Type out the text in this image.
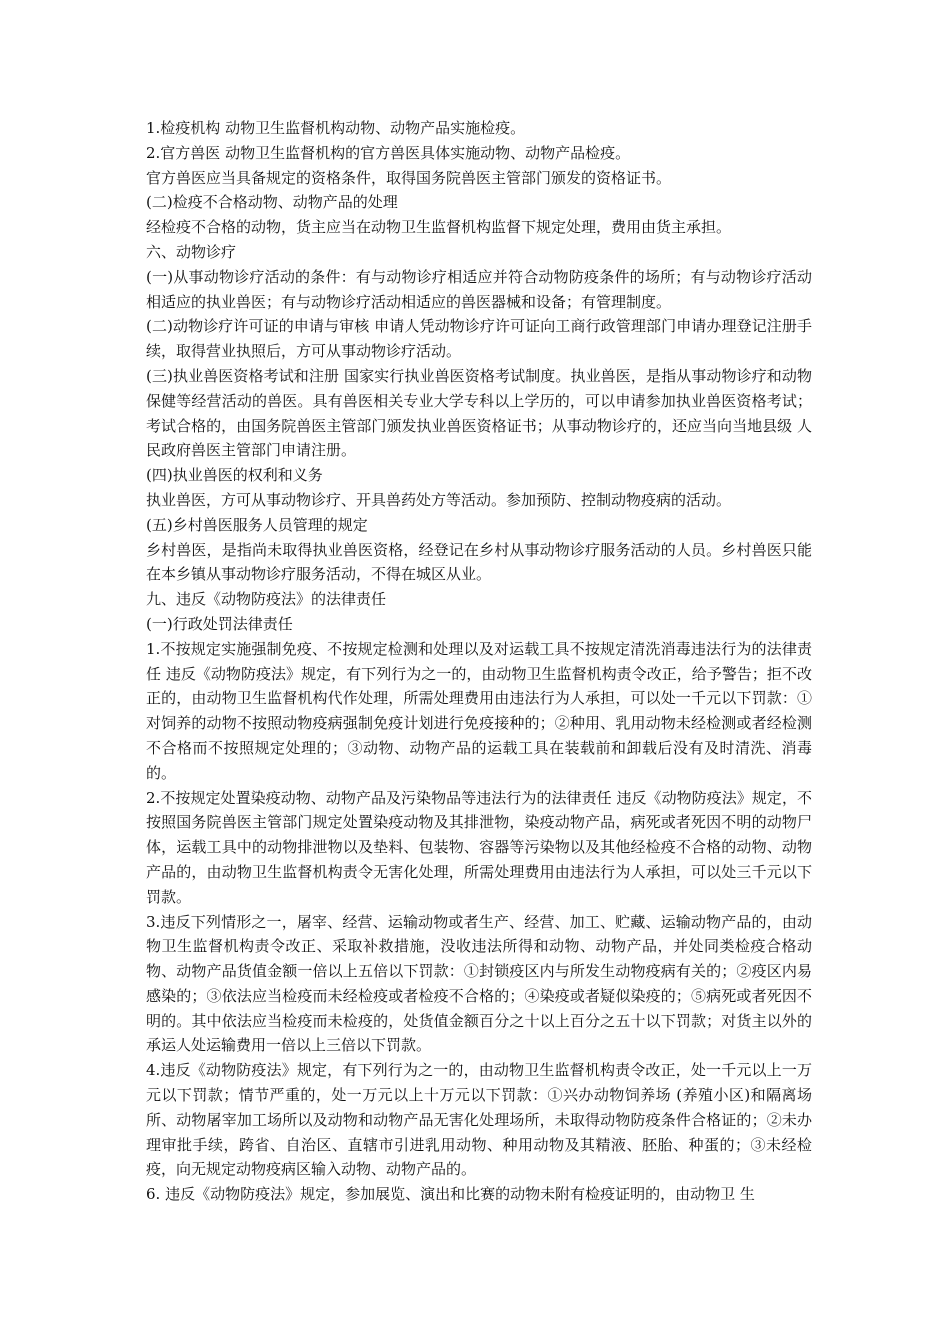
1.检疫机构 动物卫生监督机构动物、动物产品实施检疫。

2.官方兽医 动物卫生监督机构的官方兽医具体实施动物、动物产品检疫。

官方兽医应当具备规定的资格条件，取得国务院兽医主管部门颁发的资格证书。

(二)检疫不合格动物、动物产品的处理

经检疫不合格的动物，货主应当在动物卫生监督机构监督下规定处理，费用由货主承担。

六、动物诊疗

(一)从事动物诊疗活动的条件：有与动物诊疗相适应并符合动物防疫条件的场所；有与动物诊疗活动相适应的执业兽医；有与动物诊疗活动相适应的兽医器械和设备；有管理制度。

(二)动物诊疗许可证的申请与审核 申请人凭动物诊疗许可证向工商行政管理部门申请办理登记注册手续，取得营业执照后，方可从事动物诊疗活动。

(三)执业兽医资格考试和注册 国家实行执业兽医资格考试制度。执业兽医，是指从事动物诊疗和动物保健等经营活动的兽医。具有兽医相关专业大学专科以上学历的，可以申请参加执业兽医资格考试；考试合格的，由国务院兽医主管部门颁发执业兽医资格证书；从事动物诊疗的，还应当向当地县级 人民政府兽医主管部门申请注册。

(四)执业兽医的权利和义务

执业兽医，方可从事动物诊疗、开具兽药处方等活动。参加预防、控制动物疫病的活动。

(五)乡村兽医服务人员管理的规定

乡村兽医，是指尚未取得执业兽医资格，经登记在乡村从事动物诊疗服务活动的人员。乡村兽医只能在本乡镇从事动物诊疗服务活动，不得在城区从业。

九、违反《动物防疫法》的法律责任

(一)行政处罚法律责任

1.不按规定实施强制免疫、不按规定检测和处理以及对运载工具不按规定清洗消毒违法行为的法律责任 违反《动物防疫法》规定，有下列行为之一的，由动物卫生监督机构责令改正，给予警告；拒不改正的，由动物卫生监督机构代作处理，所需处理费用由违法行为人承担，可以处一千元以下罚款：①对饲养的动物不按照动物疫病强制免疫计划进行免疫接种的；②种用、乳用动物未经检测或者经检测不合格而不按照规定处理的；③动物、动物产品的运载工具在装载前和卸载后没有及时清洗、消毒的。

2.不按规定处置染疫动物、动物产品及污染物品等违法行为的法律责任 违反《动物防疫法》规定，不按照国务院兽医主管部门规定处置染疫动物及其排泄物，染疫动物产品，病死或者死因不明的动物尸体，运载工具中的动物排泄物以及垫料、包装物、容器等污染物以及其他经检疫不合格的动物、动物产品的，由动物卫生监督机构责令无害化处理，所需处理费用由违法行为人承担，可以处三千元以下罚款。

3.违反下列情形之一，屠宰、经营、运输动物或者生产、经营、加工、贮藏、运输动物产品的，由动物卫生监督机构责令改正、采取补救措施，没收违法所得和动物、动物产品，并处同类检疫合格动物、动物产品货值金额一倍以上五倍以下罚款：①封锁疫区内与所发生动物疫病有关的；②疫区内易感染的；③依法应当检疫而未经检疫或者检疫不合格的；④染疫或者疑似染疫的；⑤病死或者死因不明的。其中依法应当检疫而未检疫的，处货值金额百分之十以上百分之五十以下罚款；对货主以外的承运人处运输费用一倍以上三倍以下罚款。

4.违反《动物防疫法》规定，有下列行为之一的，由动物卫生监督机构责令改正，处一千元以上一万元以下罚款；情节严重的，处一万元以上十万元以下罚款：①兴办动物饲养场 (养殖小区)和隔离场所、动物屠宰加工场所以及动物和动物产品无害化处理场所，未取得动物防疫条件合格证的；②未办理审批手续，跨省、自治区、直辖市引进乳用动物、种用动物及其精液、胚胎、种蛋的；③未经检疫，向无规定动物疫病区输入动物、动物产品的。

6. 违反《动物防疫法》规定，参加展览、演出和比赛的动物未附有检疫证明的，由动物卫 生
